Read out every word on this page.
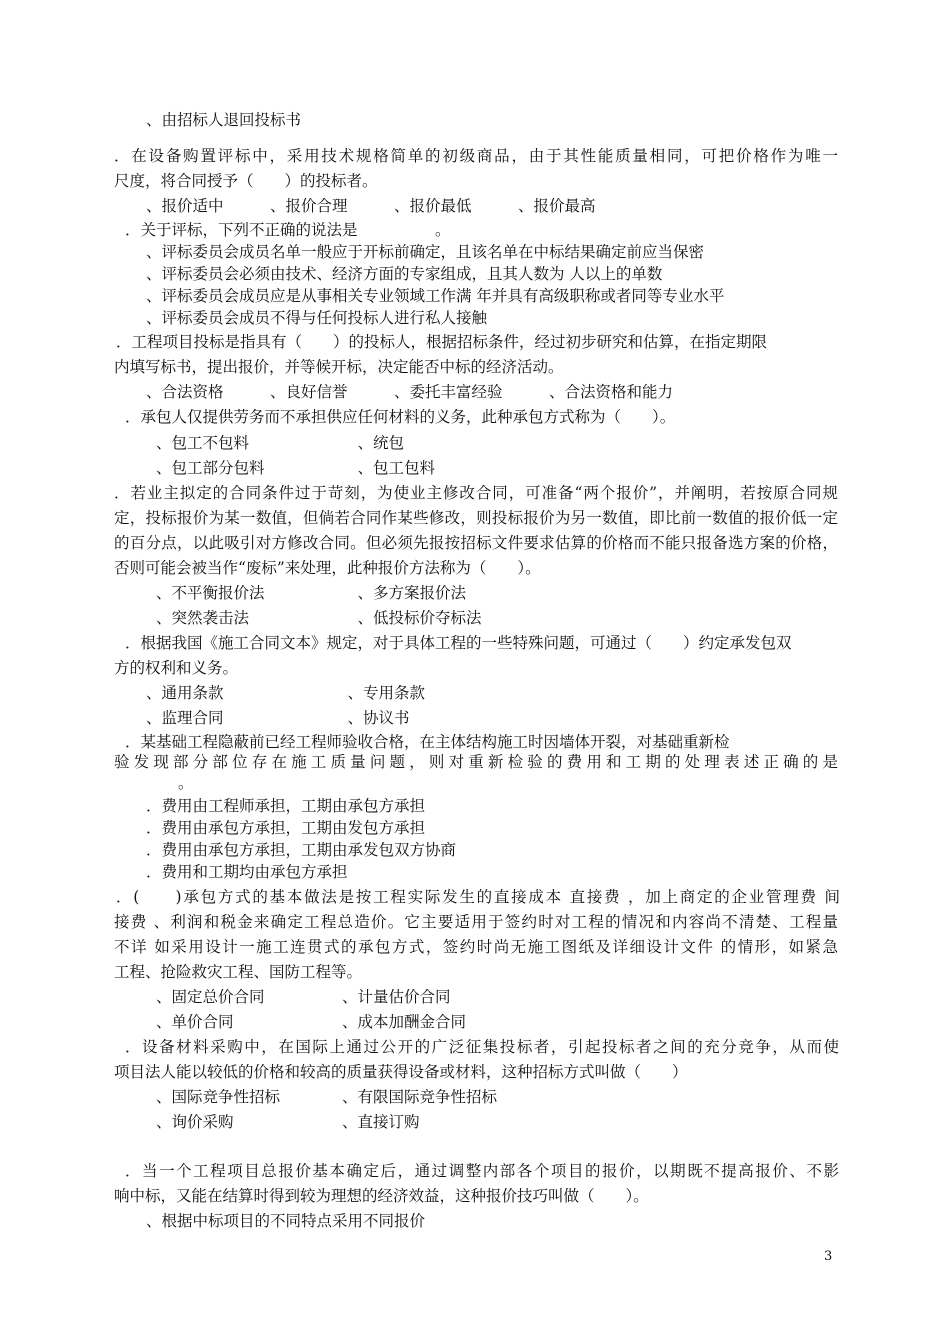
、由招标人退回投标书
．在设备购置评标中，采用技术规格简单的初级商品，由于其性能质量相同，可把价格作为唯一
尺度，将合同授予（　　）的投标者。
、报价适中　　　、报价合理　　　、报价最低　　　、报价最高
．关于评标，下列不正确的说法是　　　　　。
、评标委员会成员名单一般应于开标前确定，且该名单在中标结果确定前应当保密
、评标委员会必须由技术、经济方面的专家组成，且其人数为 人以上的单数
、评标委员会成员应是从事相关专业领域工作满 年并具有高级职称或者同等专业水平
、评标委员会成员不得与任何投标人进行私人接触
．工程项目投标是指具有（　　）的投标人，根据招标条件，经过初步研究和估算，在指定期限
内填写标书，提出报价，并等候开标，决定能否中标的经济活动。
、合法资格　　　、良好信誉　　　、委托丰富经验　　　、合法资格和能力
．承包人仅提供劳务而不承担供应任何材料的义务，此种承包方式称为（　　）。
、包工不包料　　　　　　　、统包
、包工部分包料　　　　　　、包工包料
．若业主拟定的合同条件过于苛刻，为使业主修改合同，可准备“两个报价”，并阐明，若按原合同规
定，投标报价为某一数值，但倘若合同作某些修改，则投标报价为另一数值，即比前一数值的报价低一定
的百分点，以此吸引对方修改合同。但必须先报按招标文件要求估算的价格而不能只报备选方案的价格，
否则可能会被当作“废标”来处理，此种报价方法称为（　　）。
、不平衡报价法　　　　　　、多方案报价法
、突然袭击法　　　　　　　、低投标价夺标法
．根据我国《施工合同文本》规定，对于具体工程的一些特殊问题，可通过（　　）约定承发包双
方的权利和义务。
、通用条款　　　　　　　　、专用条款
、监理合同　　　　　　　　、协议书
．某基础工程隐蔽前已经工程师验收合格，在主体结构施工时因墙体开裂，对基础重新检
验发现部分部位存在施工质量问题，则对重新检验的费用和工期的处理表述正确的是
。
．费用由工程师承担，工期由承包方承担
．费用由承包方承担，工期由发包方承担
．费用由承包方承担，工期由承发包双方协商
．费用和工期均由承包方承担
．(　　)承包方式的基本做法是按工程实际发生的直接成本 直接费 ，加上商定的企业管理费 间
接费 、利润和税金来确定工程总造价。它主要适用于签约时对工程的情况和内容尚不清楚、工程量
不详 如采用设计一施工连贯式的承包方式，签约时尚无施工图纸及详细设计文件 的情形，如紧急
工程、抢险救灾工程、国防工程等。
、固定总价合同　　　　　、计量估价合同
、单价合同　　　　　　　、成本加酬金合同
．设备材料采购中，在国际上通过公开的广泛征集投标者，引起投标者之间的充分竞争，从而使
项目法人能以较低的价格和较高的质量获得设备或材料，这种招标方式叫做（　　）
、国际竞争性招标　　　　、有限国际竞争性招标
、询价采购　　　　　　　、直接订购
．当一个工程项目总报价基本确定后，通过调整内部各个项目的报价，以期既不提高报价、不影
响中标，又能在结算时得到较为理想的经济效益，这种报价技巧叫做（　　）。
、根据中标项目的不同特点采用不同报价
3
